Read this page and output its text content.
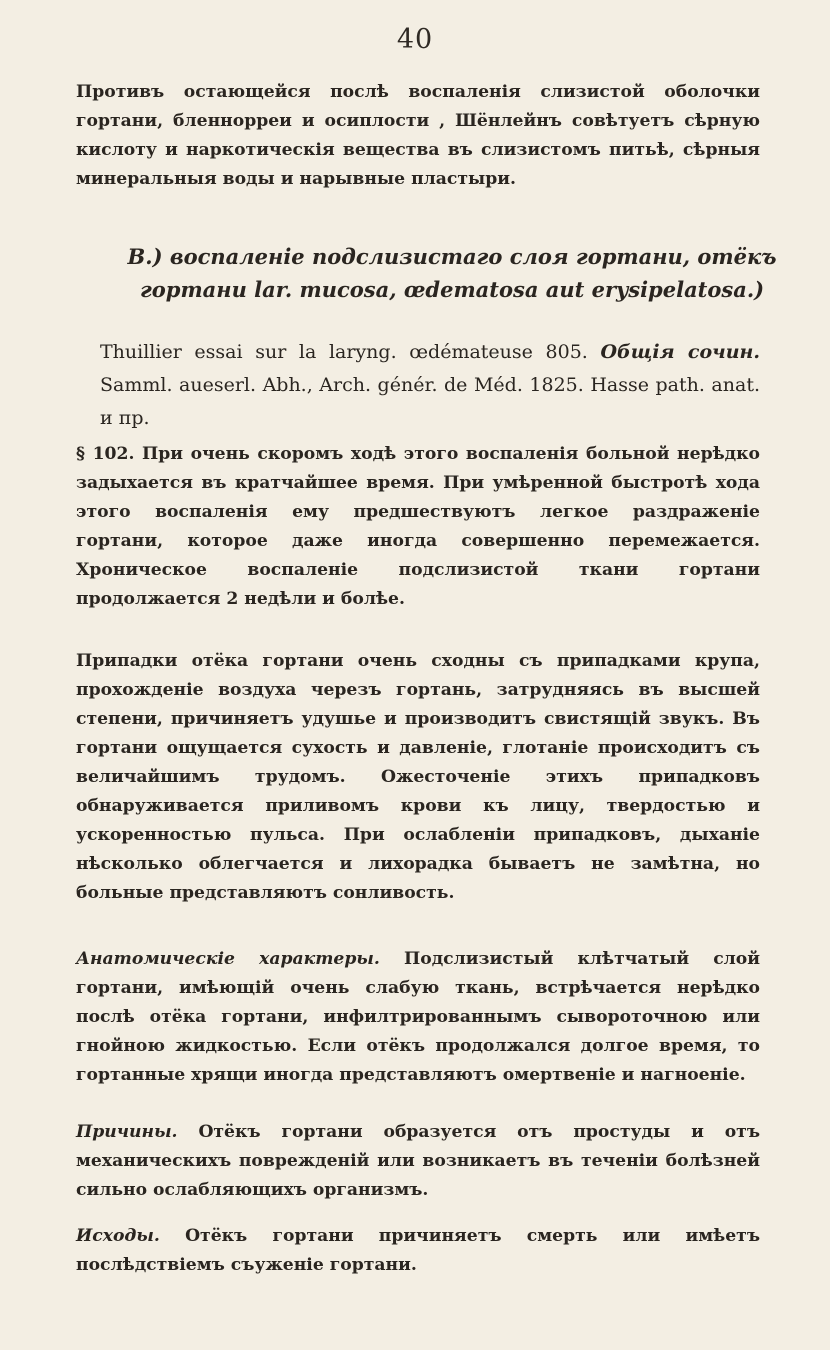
40
Противъ остающейся послѣ воспаленія слизистой оболочки гортани, бленнорреи и осиплости , Шёнлейнъ совѣтуетъ сѣрную кислоту и наркотическія вещества въ слизистомъ питьѣ, сѣрныя минеральныя воды и нарывные пластыри.
B.) воспаленіе подслизистаго слоя гортани, отёкъ гортани lar. mucosa, œdematosa aut erysipelatosa.)
Thuillier essai sur la laryng. œdématеuse 805. Общія сочин. Samml. auеserl. Abh., Arch. génér. de Méd. 1825. Hasse path. anat. и пр.
§ 102. При очень скоромъ ходѣ этого воспаленія больной нерѣдко задыхается въ кратчайшее время. При умѣренной быстротѣ хода этого воспаленія ему предшествуютъ легкое раздраженіе гортани, которое даже иногда совершенно перемежается. Хроническое воспаленіе подслизистой ткани гортани продолжается 2 недѣли и болѣе.
Припадки отёка гортани очень сходны съ припадками крупа, прохожденіе воздуха черезъ гортань, затрудняясь въ высшей степени, причиняетъ удушье и производитъ свистящій звукъ. Въ гортани ощущается сухость и давленіе, глотаніе происходитъ съ величайшимъ трудомъ. Ожесточеніе этихъ припадковъ обнаруживается приливомъ крови къ лицу, твердостью и ускоренностью пульса. При ослабленіи припадковъ, дыханіе нѣсколько облегчается и лихорадка бываетъ не замѣтна, но больные представляютъ сонливость.
Анатомическіе характеры. Подслизистый клѣтчатый слой гортани, имѣющій очень слабую ткань, встрѣчается нерѣдко послѣ отёка гортани, инфилтрированнымъ сывороточною или гнойною жидкостью. Если отёкъ продолжался долгое время, то гортанные хрящи иногда представляютъ омертвеніе и нагноеніе.
Причины. Отёкъ гортани образуется отъ простуды и отъ механическихъ повреждeній или возникаетъ въ теченіи болѣзней сильно ослабляющихъ организмъ.
Исходы. Отёкъ гортани причиняетъ смерть или имѣетъ послѣдствіемъ съуженіе гортани.
